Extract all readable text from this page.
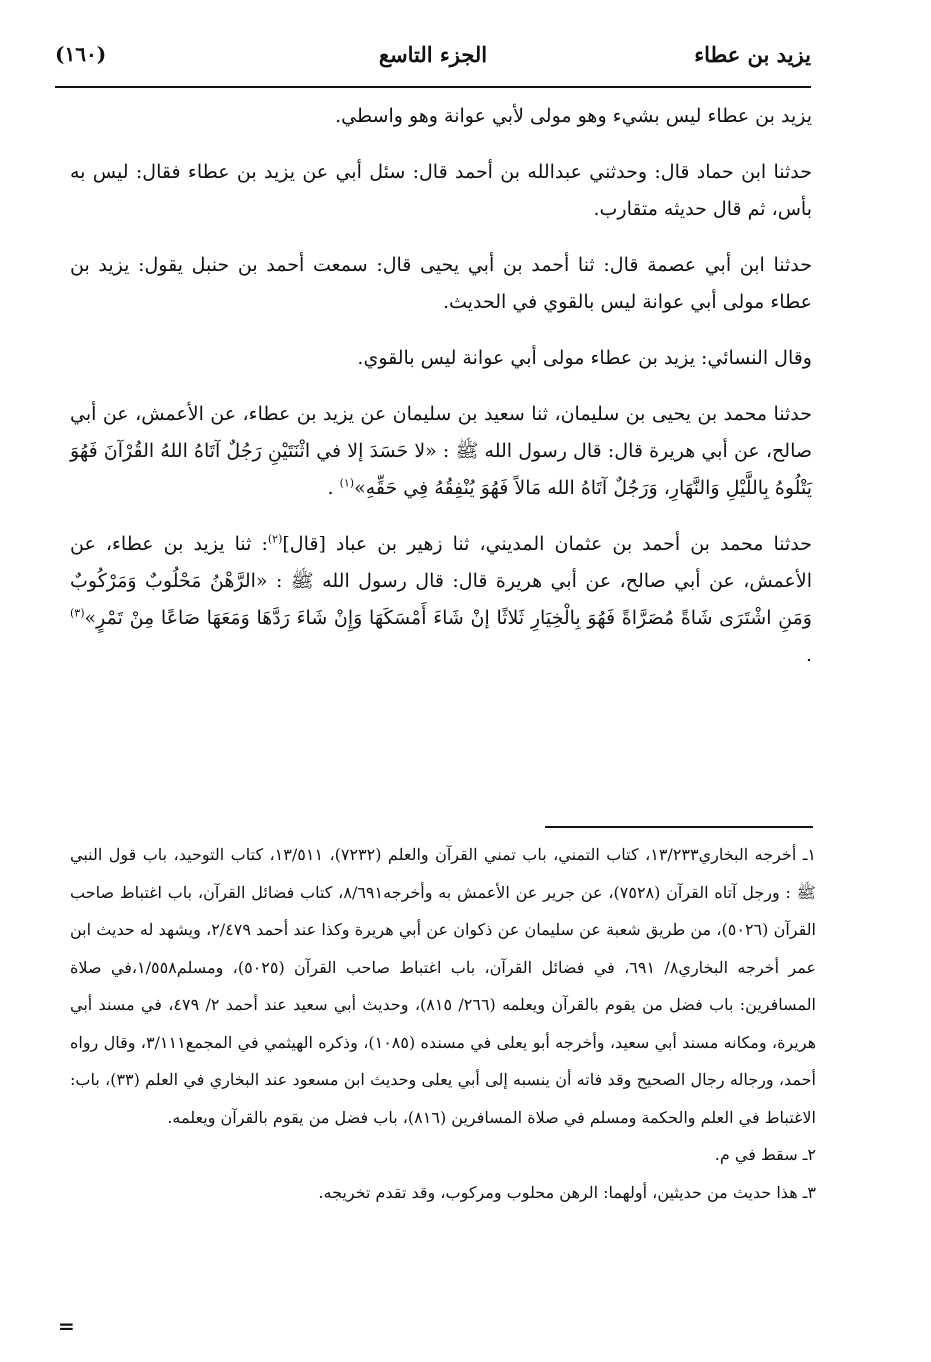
(١٦٠)	الجزء التاسع	يزيد بن عطاء

يزيد بن عطاء ليس بشيء وهو مولى لأبي عوانة وهو واسطي.

حدثنا ابن حماد قال: وحدثني عبدالله بن أحمد قال: سئل أبي عن يزيد بن عطاء فقال: ليس به بأس، ثم قال حديثه متقارب.

حدثنا ابن أبي عصمة قال: ثنا أحمد بن أبي يحيى قال: سمعت أحمد بن حنبل يقول: يزيد بن عطاء مولى أبي عوانة ليس بالقوي في الحديث.

وقال النسائي: يزيد بن عطاء مولى أبي عوانة ليس بالقوي.

حدثنا محمد بن يحيى بن سليمان، ثنا سعيد بن سليمان عن يزيد بن عطاء، عن الأعمش، عن أبي صالح، عن أبي هريرة قال: قال رسول الله ﷺ : «لا حَسَدَ إلا في اثْنَتَيْنِ رَجُلٌ آتَاهُ اللهُ القُرْآنَ فَهُوَ يَتْلُوهُ بِاللَّيْلِ وَالنَّهَارِ، وَرَجُلٌ آتَاهُ الله مَالاً فَهُوَ يُنْفِقُهُ فِي حَقِّهِ»$^{(١)}$ .

حدثنا محمد بن أحمد بن عثمان المديني، ثنا زهير بن عباد [قال]$^{(٢)}$: ثنا يزيد بن عطاء، عن الأعمش، عن أبي صالح، عن أبي هريرة قال: قال رسول الله ﷺ : «الرَّهْنُ مَحْلُوبٌ وَمَرْكُوبٌ وَمَنِ اشْتَرَى شَاةً مُصَرَّاةً فَهُوَ بِالْخِيَارِ ثَلاثًا إنْ شَاءَ أَمْسَكَهَا وَإِنْ شَاءَ رَدَّهَا وَمَعَهَا صَاعًا مِنْ تَمْرٍ»$^{(٣)}$ .

١ـ أخرجه البخاري١٣/٢٣٣، كتاب التمني، باب تمني القرآن والعلم (٧٢٣٢)، ١٣/٥١١، كتاب التوحيد، باب قول النبي ﷺ : ورجل آتاه القرآن (٧٥٢٨)، عن جرير عن الأعمش به وأخرجه٨/٦٩١، كتاب فضائل القرآن، باب اغتباط صاحب القرآن (٥٠٢٦)، من طريق شعبة عن سليمان عن ذكوان عن أبي هريرة وكذا عند أحمد ٢/٤٧٩، ويشهد له حديث ابن عمر أخرجه البخاري٨/ ٦٩١، في فضائل القرآن، باب اغتباط صاحب القرآن (٥٠٢٥)، ومسلم١/٥٥٨،في صلاة المسافرين: باب فضل من يقوم بالقرآن ويعلمه (٢٦٦/ ٨١٥)، وحديث أبي سعيد عند أحمد ٢/ ٤٧٩، في مسند أبي هريرة، ومكانه مسند أبي سعيد، وأخرجه أبو يعلى في مسنده (١٠٨٥)، وذكره الهيثمي في المجمع٣/١١١، وقال رواه أحمد، ورجاله رجال الصحيح وقد فاته أن ينسبه إلى أبي يعلى وحديث ابن مسعود عند البخاري في العلم (٣٣)، باب: الاغتباط في العلم والحكمة ومسلم في صلاة المسافرين (٨١٦)، باب فضل من يقوم بالقرآن ويعلمه.

٢ـ سقط في م.

٣ـ هذا حديث من حديثين، أولهما: الرهن محلوب ومركوب، وقد تقدم تخريجه.

=
